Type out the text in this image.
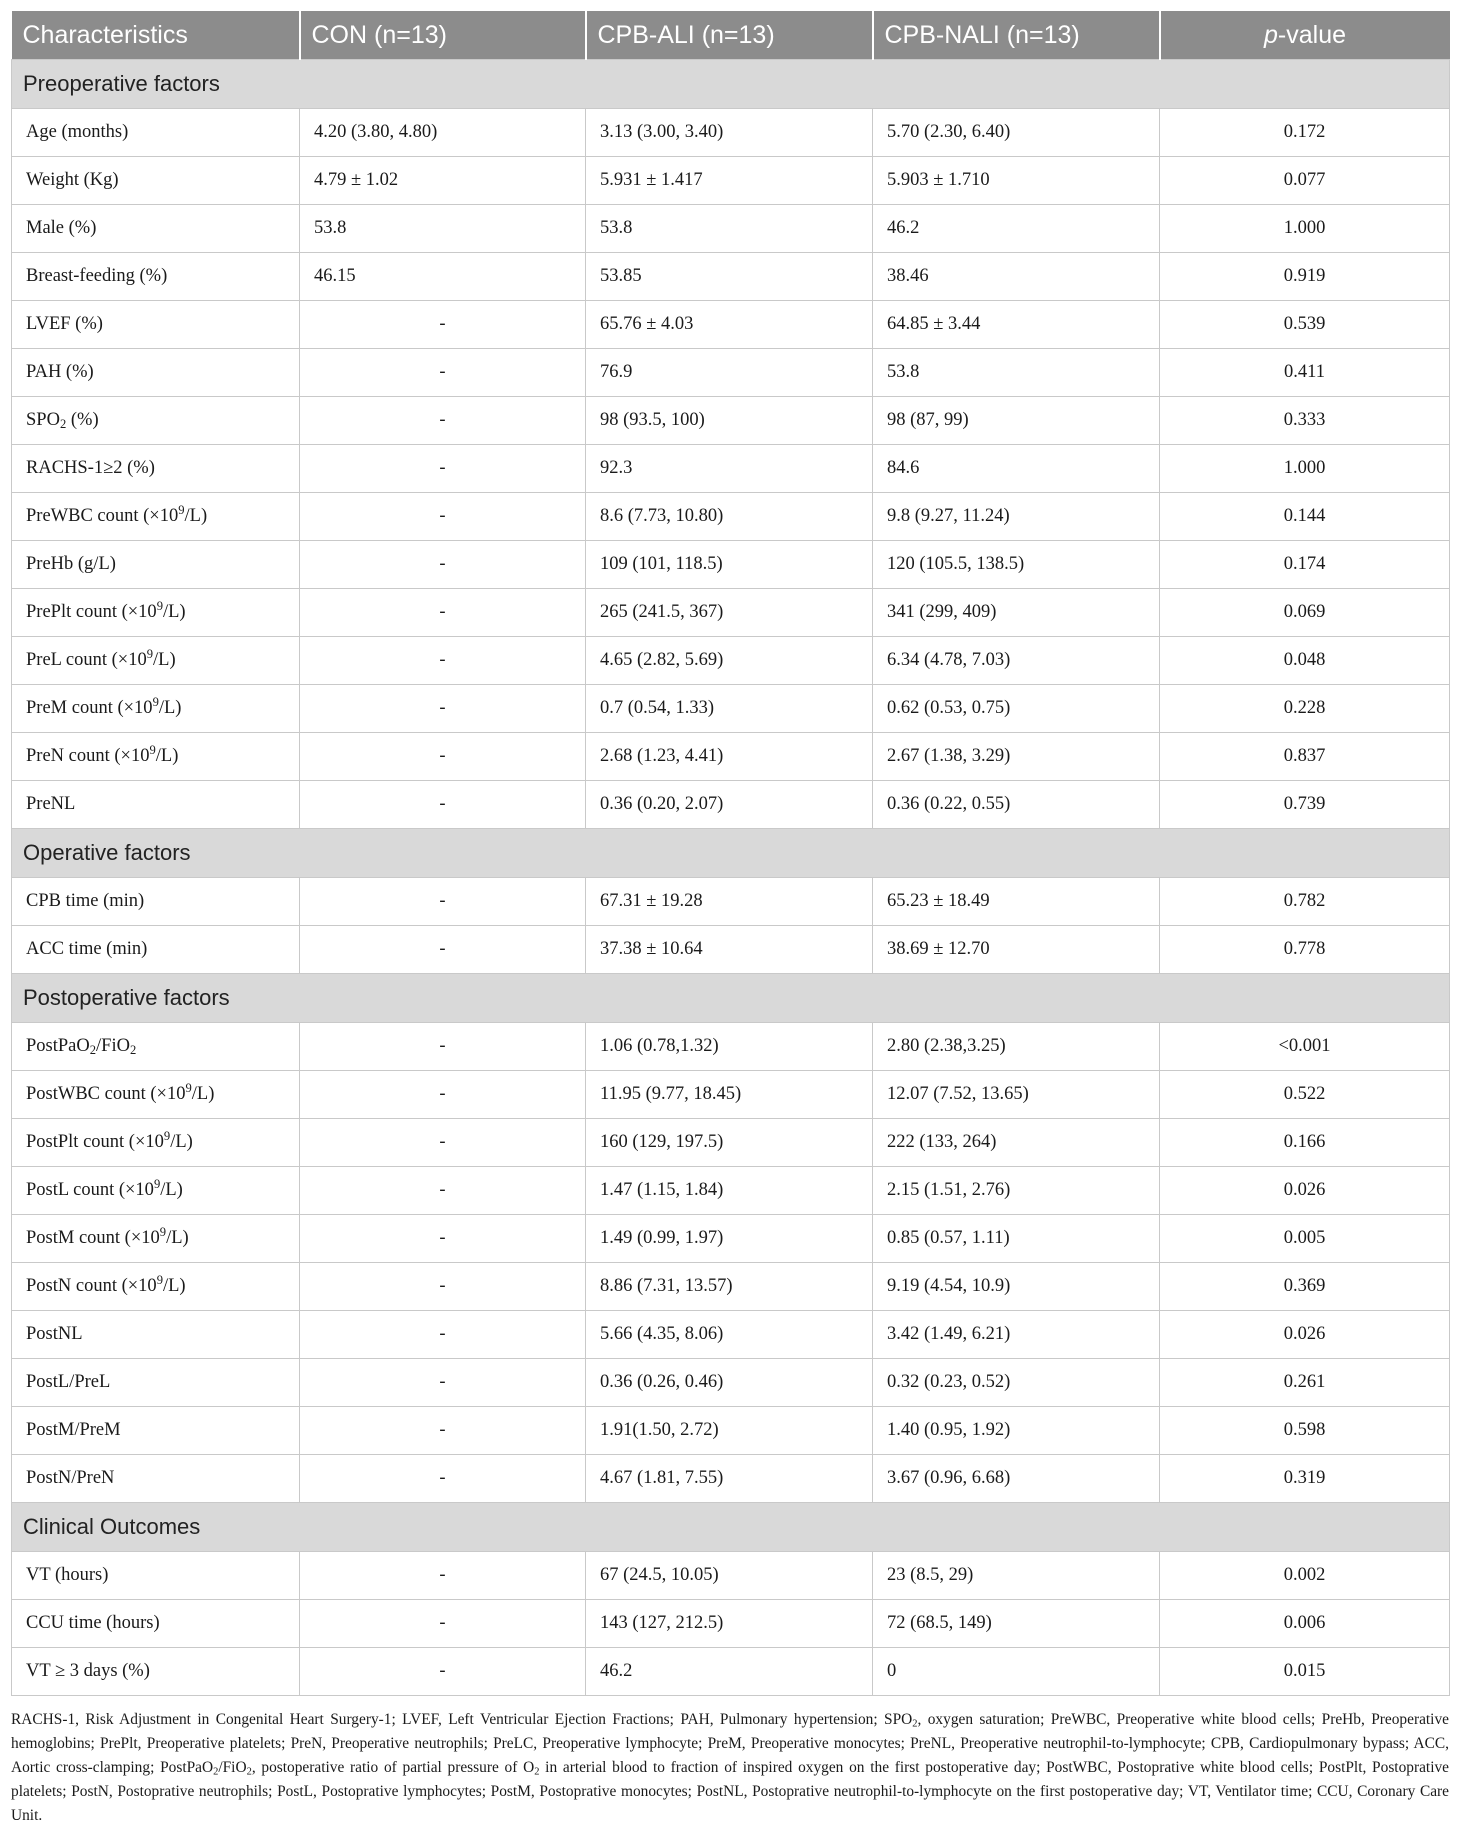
Characteristics	CON (n=13)	CPB-ALI (n=13)	CPB-NALI (n=13)	p-value
Preoperative factors				
Age (months)	4.20 (3.80, 4.80)	3.13 (3.00, 3.40)	5.70 (2.30, 6.40)	0.172
Weight (Kg)	4.79 ± 1.02	5.931 ± 1.417	5.903 ± 1.710	0.077
Male (%)	53.8	53.8	46.2	1.000
Breast-feeding (%)	46.15	53.85	38.46	0.919
LVEF (%)	-	65.76 ± 4.03	64.85 ± 3.44	0.539
PAH (%)	-	76.9	53.8	0.411
$SPO_2$ (%)	-	98 (93.5, 100)	98 (87, 99)	0.333
RACHS-1≥2 (%)	-	92.3	84.6	1.000
PreWBC count $(\times 10^9/L)$	-	8.6 (7.73, 10.80)	9.8 (9.27, 11.24)	0.144
PreHb (g/L)	-	109 (101, 118.5)	120 (105.5, 138.5)	0.174
PrePlt count $(\times 10^9/L)$	-	265 (241.5, 367)	341 (299, 409)	0.069
PreL count $(\times 10^9/L)$	-	4.65 (2.82, 5.69)	6.34 (4.78, 7.03)	0.048
PreM count $(\times 10^9/L)$	-	0.7 (0.54, 1.33)	0.62 (0.53, 0.75)	0.228
PreN count $(\times 10^9/L)$	-	2.68 (1.23, 4.41)	2.67 (1.38, 3.29)	0.837
PreNL	-	0.36 (0.20, 2.07)	0.36 (0.22, 0.55)	0.739
Operative factors				
CPB time (min)	-	67.31 ± 19.28	65.23 ± 18.49	0.782
ACC time (min)	-	37.38 ± 10.64	38.69 ± 12.70	0.778
Postoperative factors				
PostPaO$_2$/FiO$_2$	-	1.06 (0.78,1.32)	2.80 (2.38,3.25)	<0.001
PostWBC count $(\times 10^9/L)$	-	11.95 (9.77, 18.45)	12.07 (7.52, 13.65)	0.522
PostPlt count $(\times 10^9/L)$	-	160 (129, 197.5)	222 (133, 264)	0.166
PostL count $(\times 10^9/L)$	-	1.47 (1.15, 1.84)	2.15 (1.51, 2.76)	0.026
PostM count $(\times 10^9/L)$	-	1.49 (0.99, 1.97)	0.85 (0.57, 1.11)	0.005
PostN count $(\times 10^9/L)$	-	8.86 (7.31, 13.57)	9.19 (4.54, 10.9)	0.369
PostNL	-	5.66 (4.35, 8.06)	3.42 (1.49, 6.21)	0.026
PostL/PreL	-	0.36 (0.26, 0.46)	0.32 (0.23, 0.52)	0.261
PostM/PreM	-	1.91(1.50, 2.72)	1.40 (0.95, 1.92)	0.598
PostN/PreN	-	4.67 (1.81, 7.55)	3.67 (0.96, 6.68)	0.319
Clinical Outcomes				
VT (hours)	-	67 (24.5, 10.05)	23 (8.5, 29)	0.002
CCU time (hours)	-	143 (127, 212.5)	72 (68.5, 149)	0.006
VT ≥ 3 days (%)	-	46.2	0	0.015
RACHS-1, Risk Adjustment in Congenital Heart Surgery-1; LVEF, Left Ventricular Ejection Fractions; PAH, Pulmonary hypertension; $SPO_2$, oxygen saturation; PreWBC, Preoperative white blood cells; PreHb, Preoperative hemoglobins; PrePlt, Preoperative platelets; PreN, Preoperative neutrophils; PreLC, Preoperative lymphocyte; PreM, Preoperative monocytes; PreNL, Preoperative neutrophil-to-lymphocyte; CPB, Cardiopulmonary bypass; ACC, Aortic cross-clamping; PostPaO$_2$/FiO$_2$, postoperative ratio of partial pressure of $O_2$ in arterial blood to fraction of inspired oxygen on the first postoperative day; PostWBC, Postoprative white blood cells; PostPlt, Postoprative platelets; PostN, Postoprative neutrophils; PostL, Postoprative lymphocytes; PostM, Postoprative monocytes; PostNL, Postoprative neutrophil-to-lymphocyte on the first postoperative day; VT, Ventilator time; CCU, Coronary Care Unit.
